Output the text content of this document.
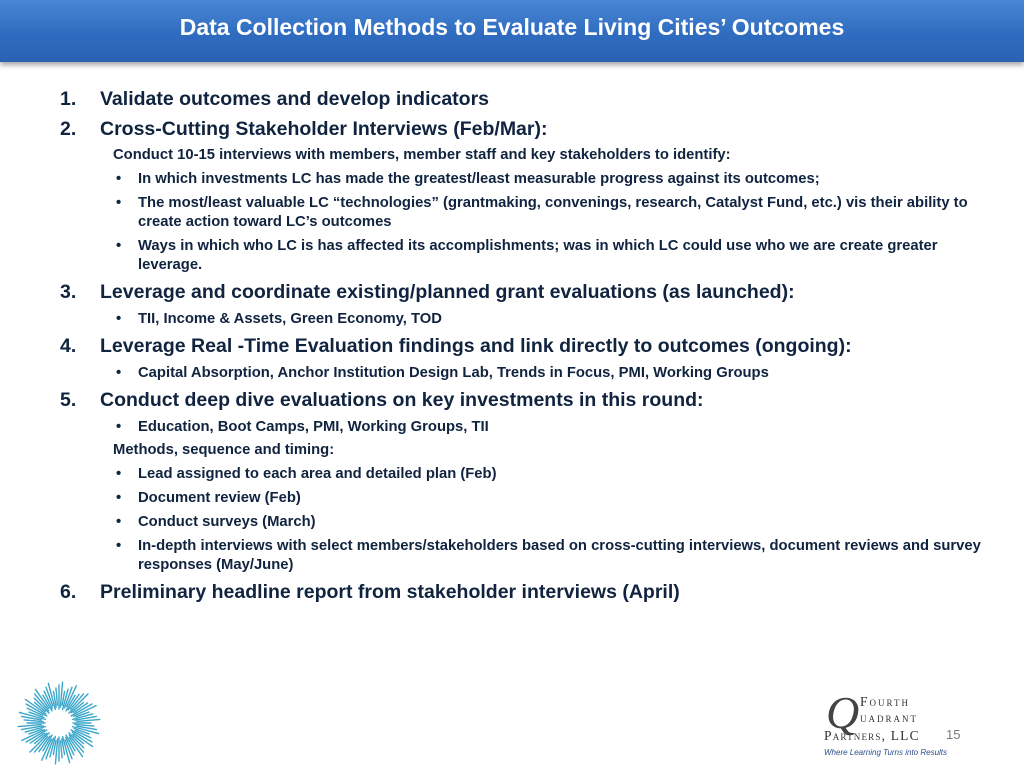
Data Collection Methods to Evaluate Living Cities’ Outcomes
1. Validate outcomes and develop indicators
2. Cross-Cutting Stakeholder Interviews (Feb/Mar):
Conduct 10-15 interviews with members, member staff and key stakeholders to identify:
• In which investments LC has made the greatest/least measurable progress against its outcomes;
• The most/least valuable LC “technologies” (grantmaking, convenings, research, Catalyst Fund, etc.) vis their ability to create action toward LC’s outcomes
• Ways in which who LC is has affected its accomplishments; was in which LC could use who we are create greater leverage.
3. Leverage and coordinate existing/planned grant evaluations (as launched):
• TII, Income & Assets, Green Economy, TOD
4. Leverage Real -Time Evaluation findings and link directly to outcomes (ongoing):
• Capital Absorption, Anchor Institution Design Lab, Trends in Focus, PMI, Working Groups
5. Conduct deep dive evaluations on key investments in this round:
• Education, Boot Camps, PMI, Working Groups, TII
Methods, sequence and timing:
• Lead assigned to each area and detailed plan (Feb)
• Document review (Feb)
• Conduct surveys (March)
• In-depth interviews with select members/stakeholders based on cross-cutting interviews, document reviews and survey responses (May/June)
6. Preliminary headline report from stakeholder interviews (April)
Q Fourth
uadrant
Partners, LLC
Where Learning Turns into Results
15
